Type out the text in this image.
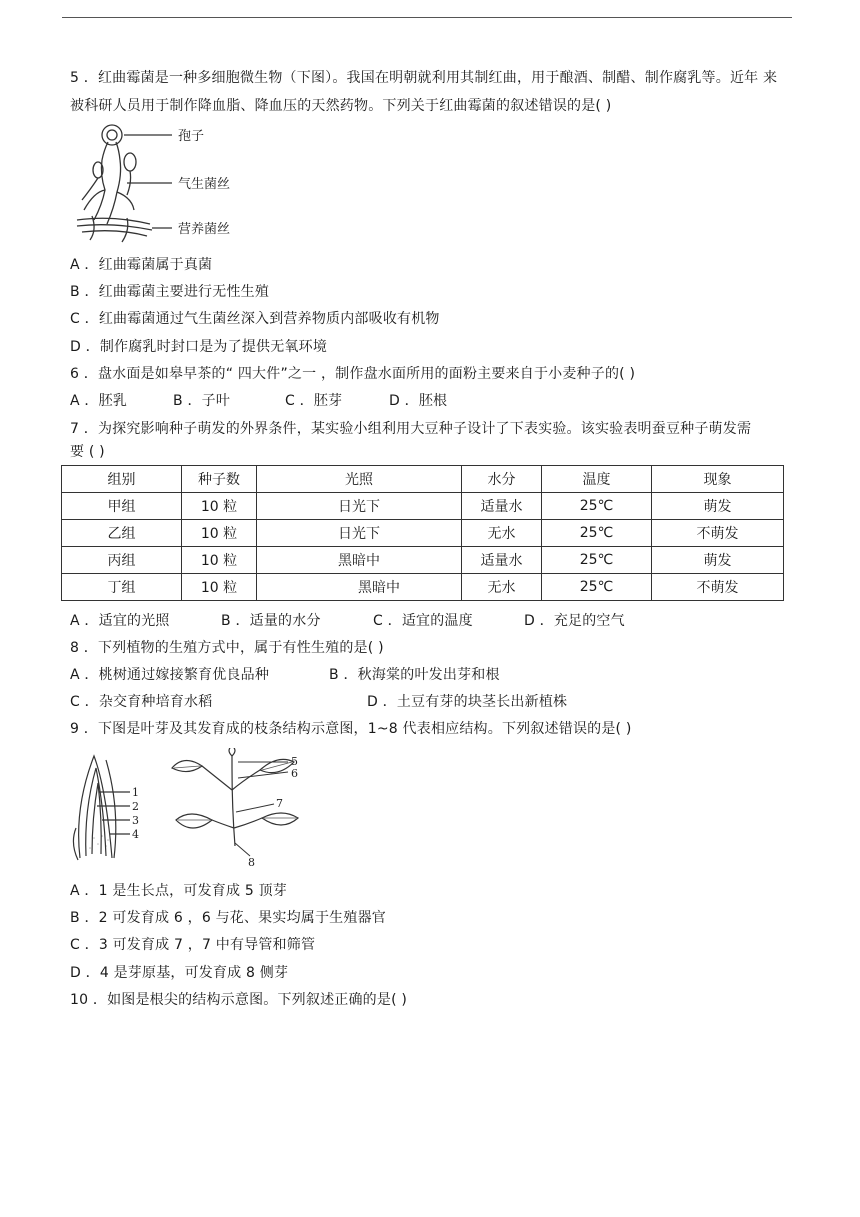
5 ．红曲霉菌是一种多细胞微生物（下图）。我国在明朝就利用其制红曲，用于酿酒、制醋、制作腐乳等。近年 来
被科研人员用于制作降血脂、降血压的天然药物。下列关于红曲霉菌的叙述错误的是( )
孢子
气生菌丝
营养菌丝
A ．红曲霉菌属于真菌
B ．红曲霉菌主要进行无性生殖
C ．红曲霉菌通过气生菌丝深入到营养物质内部吸收有机物
D ．制作腐乳时封口是为了提供无氧环境
6 ．盘水面是如皋早茶的“ 四大件”之一 ，制作盘水面所用的面粉主要来自于小麦种子的( )
A ．胚乳	B ．子叶	C ．胚芽	D ．胚根
7 ．为探究影响种子萌发的外界条件，某实验小组利用大豆种子设计了下表实验。该实验表明蚕豆种子萌发需
要 ( )
组别	种子数	光照	水分	温度	现象
甲组	10 粒	日光下	适量水	25℃	萌发
乙组	10 粒	日光下	无水	25℃	不萌发
丙组	10 粒	黑暗中	适量水	25℃	萌发
丁组	10 粒	黑暗中	无水	25℃	不萌发
A ．适宜的光照	B ．适量的水分	C ．适宜的温度	D ．充足的空气
8 ．下列植物的生殖方式中，属于有性生殖的是( )
A ．桃树通过嫁接繁育优良品种	B ．秋海棠的叶发出芽和根
C ．杂交育种培育水稻	D ．土豆有芽的块茎长出新植株
9 ．下图是叶芽及其发育成的枝条结构示意图，1~8 代表相应结构。下列叙述错误的是( )
1
2
3
4
5
6
7
8
A ．1 是生长点，可发育成 5 顶芽
B ．2 可发育成 6 ，6 与花、果实均属于生殖器官
C ．3 可发育成 7 ，7 中有导管和筛管
D ．4 是芽原基，可发育成 8 侧芽
10 ．如图是根尖的结构示意图。下列叙述正确的是( )
